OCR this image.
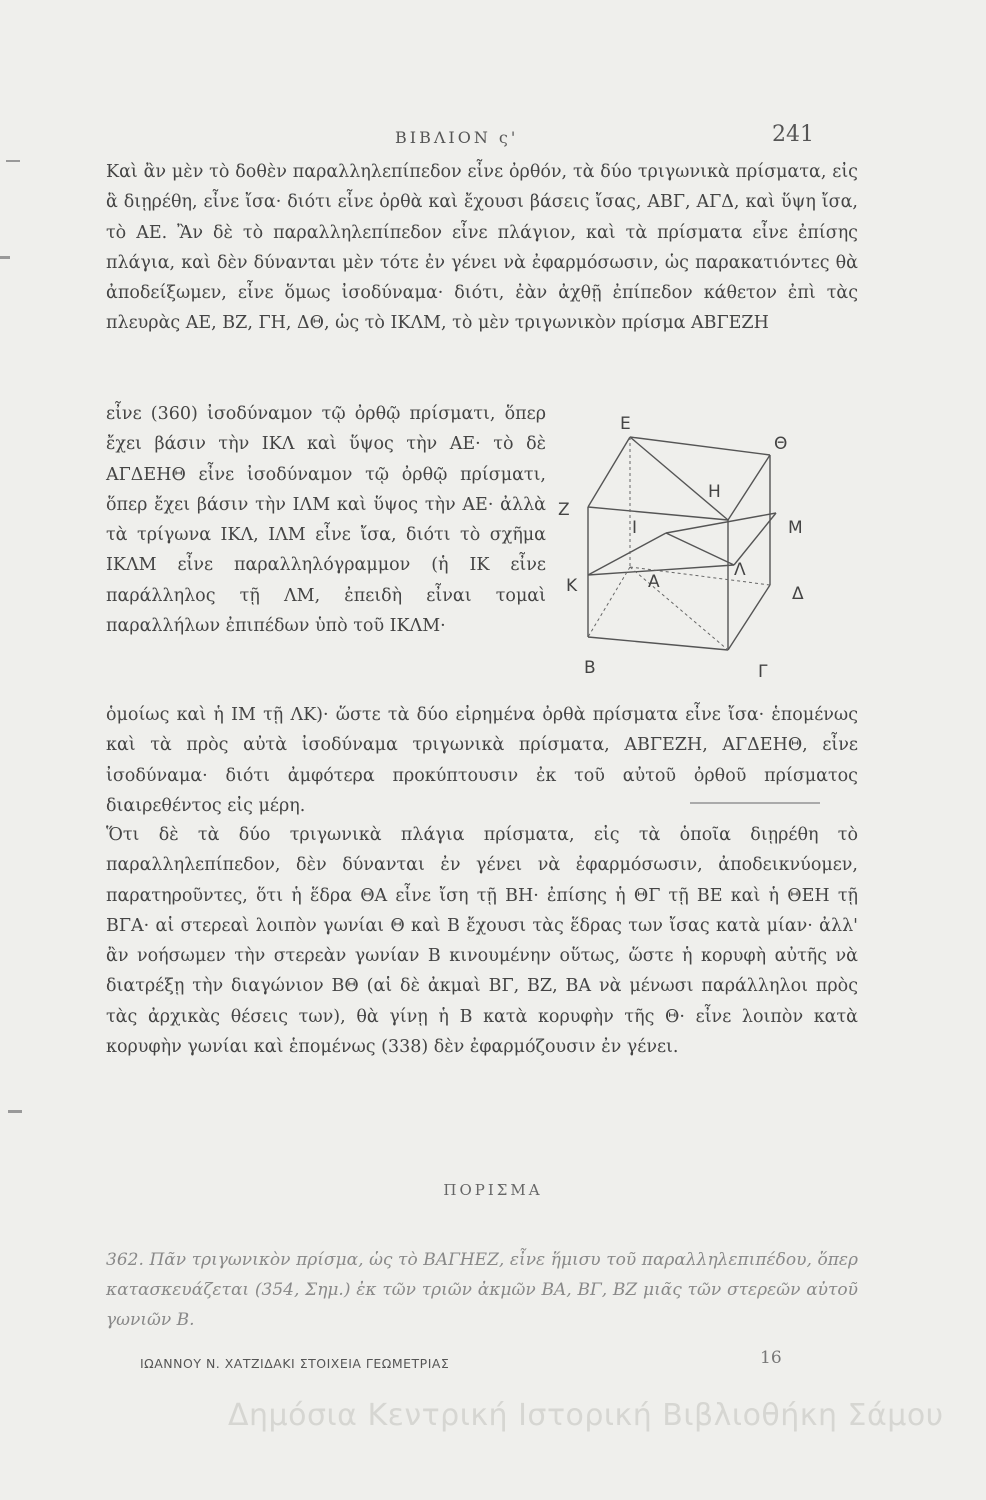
ΒΙΒΛΙΟΝ ς'	241

Καὶ ἂν μὲν τὸ δοθὲν παραλληλεπίπεδον εἶνε ὀρθόν, τὰ δύο τριγωνικὰ πρίσματα, εἰς ἃ διῃρέθη, εἶνε ἴσα· διότι εἶνε ὀρθὰ καὶ ἔχουσι βάσεις ἴσας, ΑΒΓ, ΑΓΔ, καὶ ὕψη ἴσα, τὸ ΑΕ. Ἂν δὲ τὸ παραλληλεπίπεδον εἶνε πλάγιον, καὶ τὰ πρίσματα εἶνε ἐπίσης πλάγια, καὶ δὲν δύνανται μὲν τότε ἐν γένει νὰ ἐφαρμόσωσιν, ὡς παρακατιόντες θὰ ἀποδείξωμεν, εἶνε ὅμως ἰσοδύναμα· διότι, ἐὰν ἀχθῇ ἐπίπεδον κάθετον ἐπὶ τὰς πλευρὰς ΑΕ, ΒΖ, ΓΗ, ΔΘ, ὡς τὸ ΙΚΛΜ, τὸ μὲν τριγωνικὸν πρίσμα ΑΒΓΕΖΗ

εἶνε (360) ἰσοδύναμον τῷ ὀρθῷ πρίσματι, ὅπερ ἔχει βάσιν τὴν ΙΚΛ καὶ ὕψος τὴν ΑΕ· τὸ δὲ ΑΓΔΕΗΘ εἶνε ἰσοδύναμον τῷ ὀρθῷ πρίσματι, ὅπερ ἔχει βάσιν τὴν ΙΛΜ καὶ ὕψος τὴν ΑΕ· ἀλλὰ τὰ τρίγωνα ΙΚΛ, ΙΛΜ εἶνε ἴσα, διότι τὸ σχῆμα ΙΚΛΜ εἶνε παραλληλόγραμμον (ἡ ΙΚ εἶνε παράλληλος τῇ ΛΜ, ἐπειδὴ εἶναι τομαὶ παραλλήλων ἐπιπέδων ὑπὸ τοῦ ΙΚΛΜ·

Ε
Θ
Η
Ζ
Ι	Μ
Λ
Κ	Α
Δ
Β	Γ

ὁμοίως καὶ ἡ ΙΜ τῇ ΛΚ)· ὥστε τὰ δύο εἰρημένα ὀρθὰ πρίσματα εἶνε ἴσα· ἑπομένως καὶ τὰ πρὸς αὐτὰ ἰσοδύναμα τριγωνικὰ πρίσματα, ΑΒΓΕΖΗ, ΑΓΔΕΗΘ, εἶνε ἰσοδύναμα· διότι ἀμφότερα προκύπτουσιν ἐκ τοῦ αὐτοῦ ὀρθοῦ πρίσματος διαιρεθέντος εἰς μέρη.

Ὅτι δὲ τὰ δύο τριγωνικὰ πλάγια πρίσματα, εἰς τὰ ὁποῖα διῃρέθη τὸ παραλληλεπίπεδον, δὲν δύνανται ἐν γένει νὰ ἐφαρμόσωσιν, ἀποδεικνύομεν, παρατηροῦντες, ὅτι ἡ ἕδρα ΘΑ εἶνε ἴση τῇ ΒΗ· ἐπίσης ἡ ΘΓ τῇ ΒΕ καὶ ἡ ΘΕΗ τῇ ΒΓΑ· αἱ στερεαὶ λοιπὸν γωνίαι Θ καὶ Β ἔχουσι τὰς ἕδρας των ἴσας κατὰ μίαν· ἀλλ' ἂν νοήσωμεν τὴν στερεὰν γωνίαν Β κινουμένην οὕτως, ὥστε ἡ κορυφὴ αὐτῆς νὰ διατρέξῃ τὴν διαγώνιον ΒΘ (αἱ δὲ ἀκμαὶ ΒΓ, ΒΖ, ΒΑ νὰ μένωσι παράλληλοι πρὸς τὰς ἀρχικὰς θέσεις των), θὰ γίνῃ ἡ Β κατὰ κορυφὴν τῆς Θ· εἶνε λοιπὸν κατὰ κορυφὴν γωνίαι καὶ ἑπομένως (338) δὲν ἐφαρμόζουσιν ἐν γένει.

ΠΟΡΙΣΜΑ

362. Πᾶν τριγωνικὸν πρίσμα, ὡς τὸ ΒΑΓΗΕΖ, εἶνε ἥμισυ τοῦ παραλληλεπιπέδου, ὅπερ κατασκευάζεται (354, Σημ.) ἐκ τῶν τριῶν ἀκμῶν ΒΑ, ΒΓ, ΒΖ μιᾶς τῶν στερεῶν αὐτοῦ γωνιῶν Β.

ΙΩΑΝΝΟΥ Ν. ΧΑΤΖΙΔΑΚΙ ΣΤΟΙΧΕΙΑ ΓΕΩΜΕΤΡΙΑΣ	16
Δημόσια Κεντρική Ιστορική Βιβλιοθήκη Σάμου
